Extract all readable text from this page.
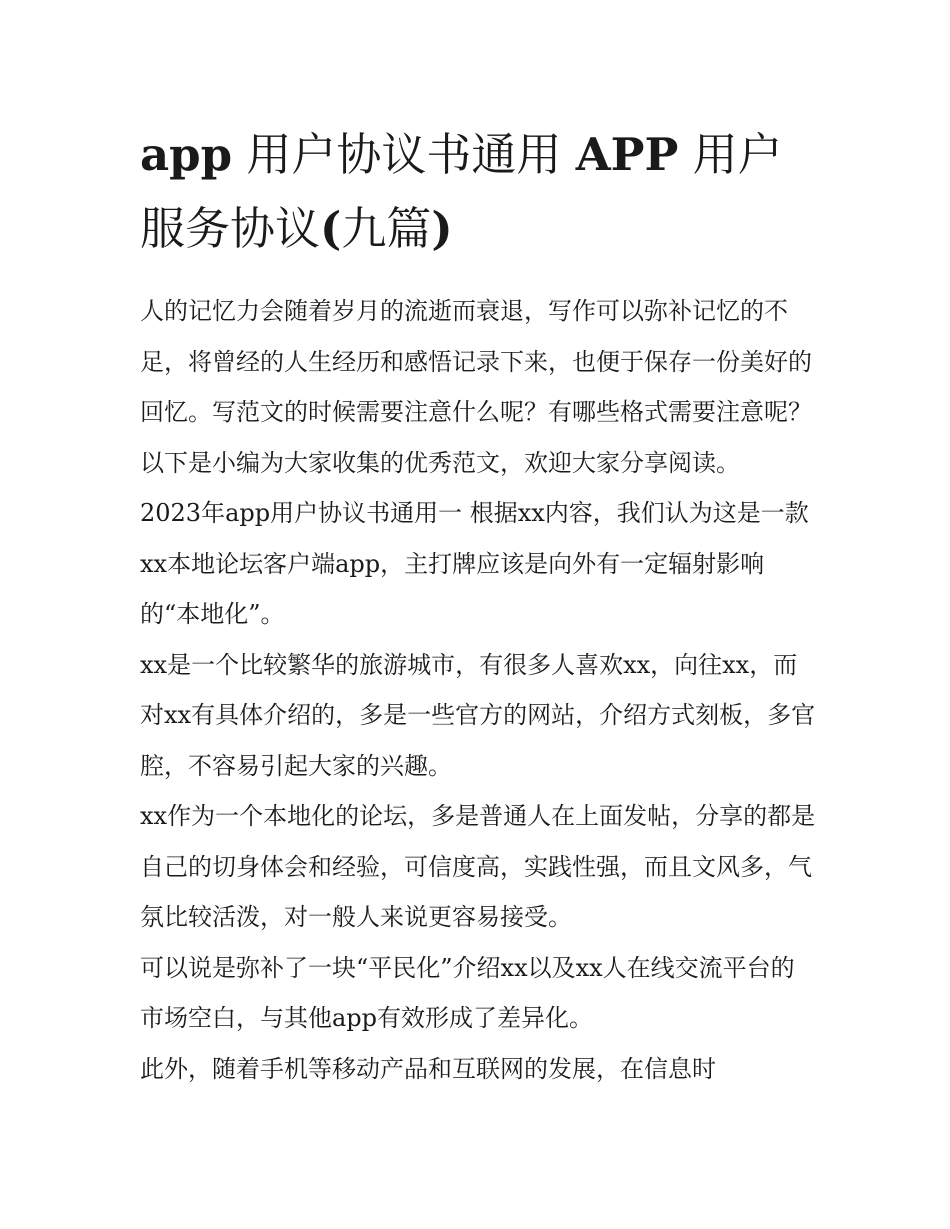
app 用户协议书通用 APP 用户服务协议(九篇)

人的记忆力会随着岁月的流逝而衰退，写作可以弥补记忆的不足，将曾经的人生经历和感悟记录下来，也便于保存一份美好的回忆。写范文的时候需要注意什么呢？有哪些格式需要注意呢？以下是小编为大家收集的优秀范文，欢迎大家分享阅读。

2023年app用户协议书通用一 根据xx内容，我们认为这是一款xx本地论坛客户端app，主打牌应该是向外有一定辐射影响的“本地化”。

xx是一个比较繁华的旅游城市，有很多人喜欢xx，向往xx，而对xx有具体介绍的，多是一些官方的网站，介绍方式刻板，多官腔，不容易引起大家的兴趣。

xx作为一个本地化的论坛，多是普通人在上面发帖，分享的都是自己的切身体会和经验，可信度高，实践性强，而且文风多，气氛比较活泼，对一般人来说更容易接受。

可以说是弥补了一块“平民化”介绍xx以及xx人在线交流平台的市场空白，与其他app有效形成了差异化。

此外，随着手机等移动产品和互联网的发展，在信息时
